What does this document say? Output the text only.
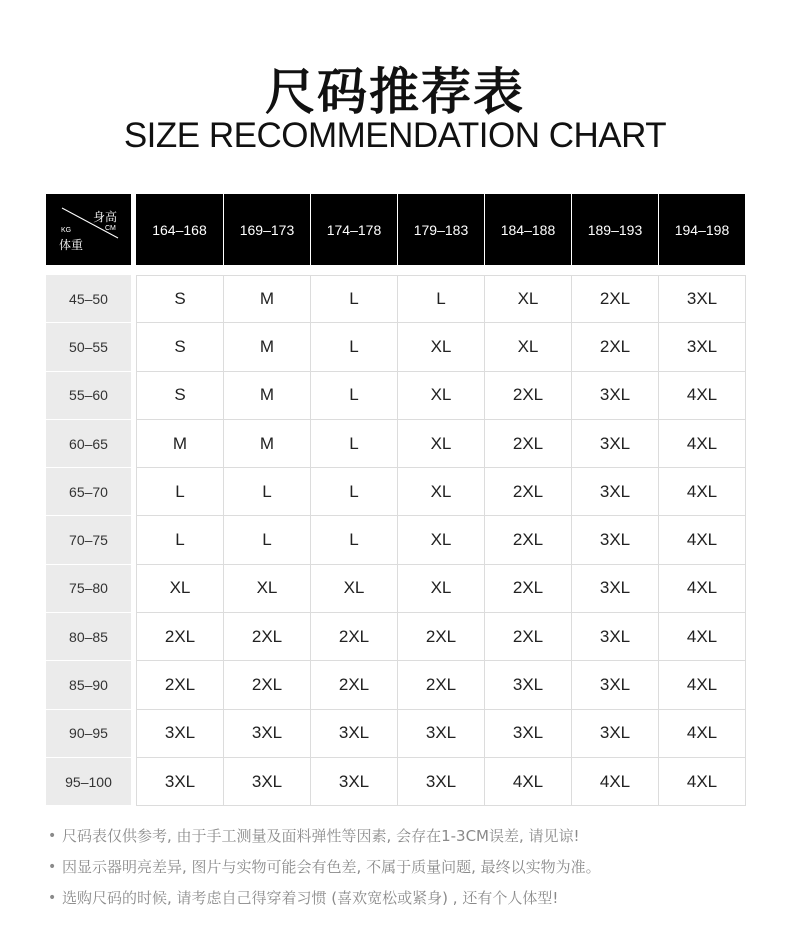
尺码推荐表
SIZE RECOMMENDATION CHART
身高
CM
KG
体重
164–168	169–173	174–178	179–183	184–188	189–193	194–198
45–50	S	M	L	L	XL	2XL	3XL
50–55	S	M	L	XL	XL	2XL	3XL
55–60	S	M	L	XL	2XL	3XL	4XL
60–65	M	M	L	XL	2XL	3XL	4XL
65–70	L	L	L	XL	2XL	3XL	4XL
70–75	L	L	L	XL	2XL	3XL	4XL
75–80	XL	XL	XL	XL	2XL	3XL	4XL
80–85	2XL	2XL	2XL	2XL	2XL	3XL	4XL
85–90	2XL	2XL	2XL	2XL	3XL	3XL	4XL
90–95	3XL	3XL	3XL	3XL	3XL	3XL	4XL
95–100	3XL	3XL	3XL	3XL	4XL	4XL	4XL
• 尺码表仅供参考, 由于手工测量及面料弹性等因素, 会存在1-3CM误差, 请见谅!
• 因显示器明亮差异, 图片与实物可能会有色差, 不属于质量问题, 最终以实物为准。
• 选购尺码的时候, 请考虑自己得穿着习惯 (喜欢宽松或紧身) , 还有个人体型!
